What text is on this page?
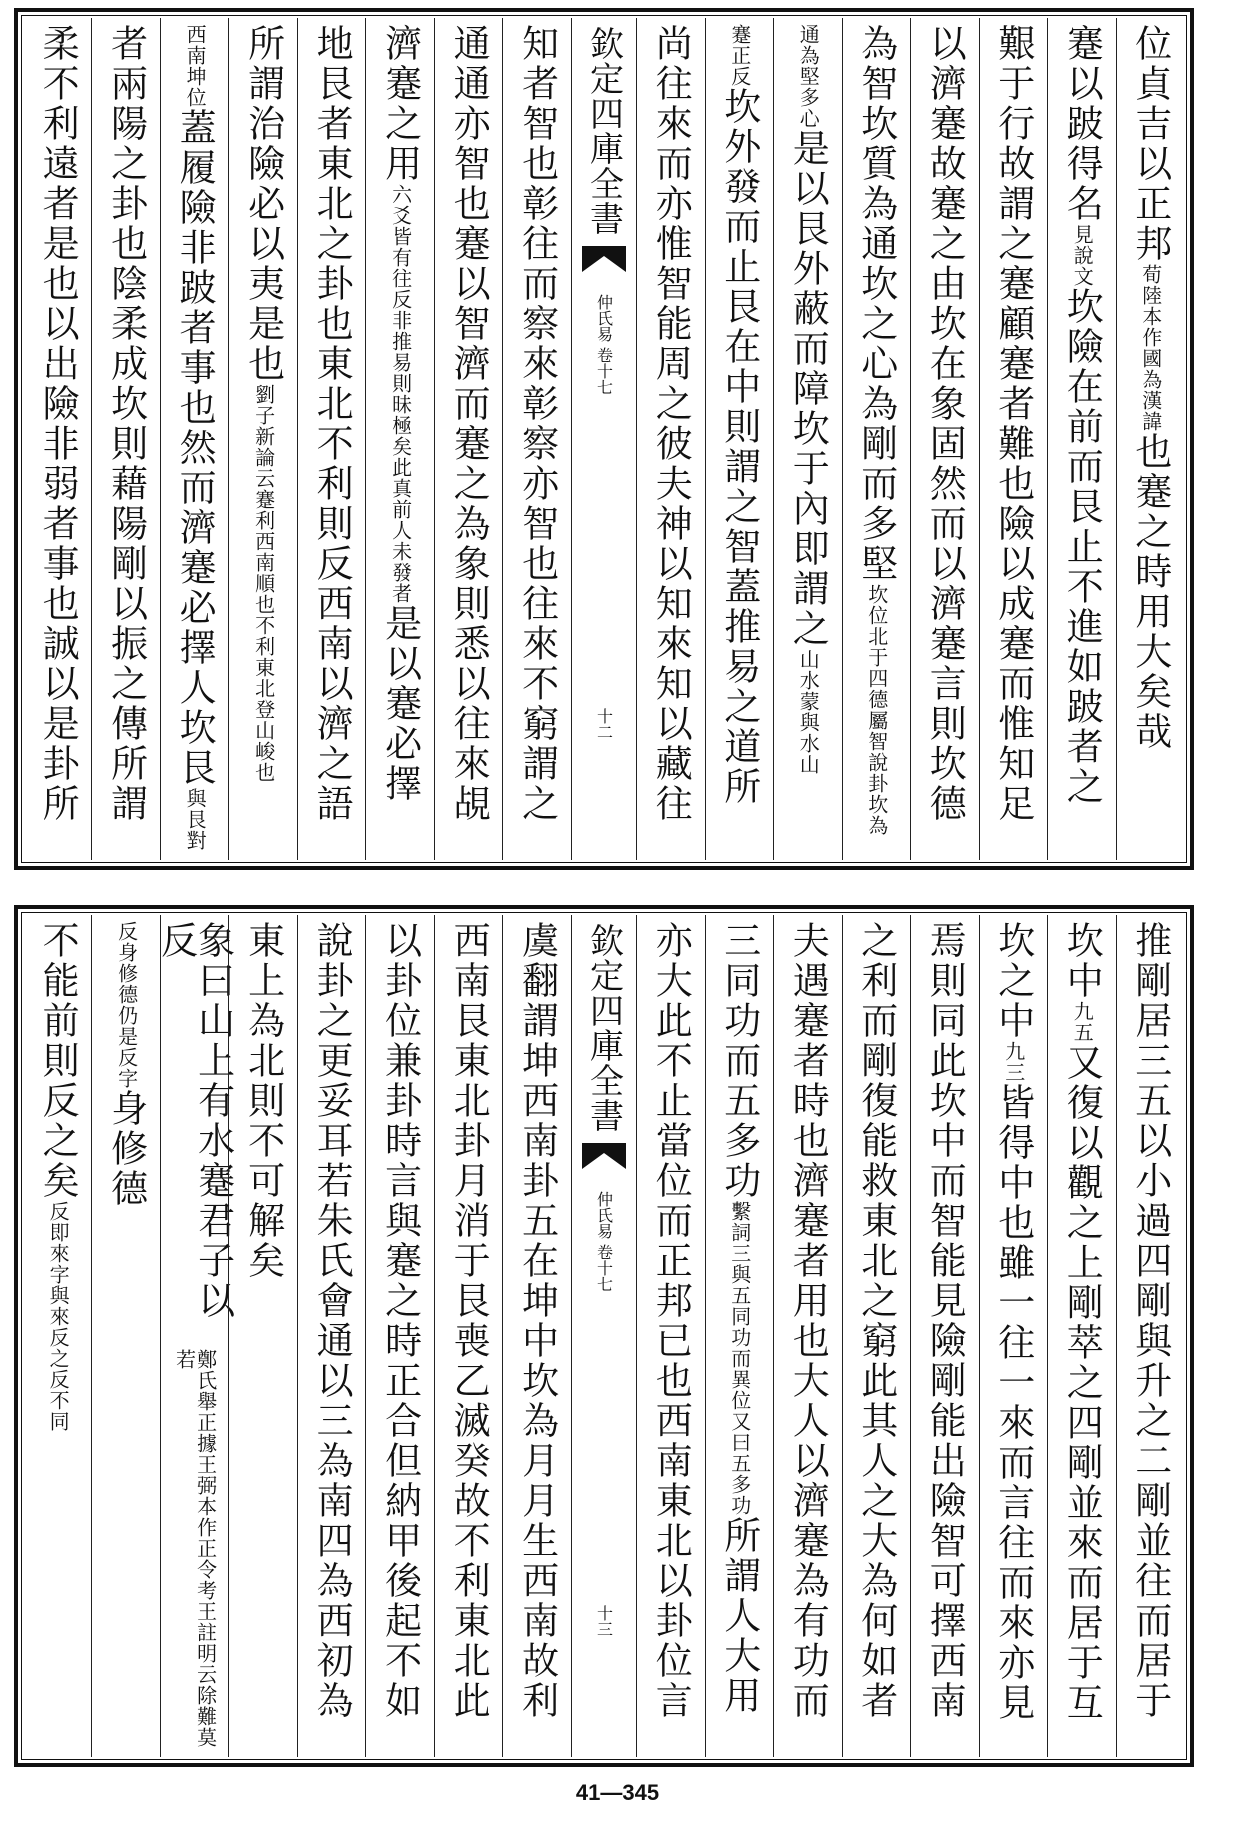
位貞吉以正邦
荀陸本作國為漢諱
也蹇之時用大矣哉
蹇以跛得名
見說文
坎險在前而艮止不進如跛者之
艱于行故謂之蹇顧蹇者難也險以成蹇而惟知足
以濟蹇故蹇之由坎在象固然而以濟蹇言則坎德
為智坎質為通坎之心為剛而多堅
坎位北于四德屬智說卦坎為
通為堅多心
是以艮外蔽而障坎于內即謂之
山水蒙與水山
蹇正反
坎外發而止艮在中則謂之智蓋推易之道所
尚往來而亦惟智能周之彼夫神以知來知以藏往
欽定四庫全書
仲氏易 卷十七
十二
知者智也彰往而察來彰察亦智也往來不窮謂之
通通亦智也蹇以智濟而蹇之為象則悉以往來覘
濟蹇之用
六爻皆有往反非推易則昧極矣此真前人未發者
是以蹇必擇
地艮者東北之卦也東北不利則反西南以濟之語
所謂治險必以夷是也
劉子新論云蹇利西南順也不利東北登山峻也
西南坤位
蓋履險非跛者事也然而濟蹇必擇人坎艮
與艮對
者兩陽之卦也陰柔成坎則藉陽剛以振之傳所謂
柔不利遠者是也以出險非弱者事也誠以是卦所
推剛居三五以小過四剛與升之二剛並往而居于
坎中
九五
又復以觀之上剛萃之四剛並來而居于互
坎之中
九三
皆得中也雖一往一來而言往而來亦見
焉則同此坎中而智能見險剛能出險智可擇西南
之利而剛復能救東北之窮此其人之大為何如者
夫遇蹇者時也濟蹇者用也大人以濟蹇為有功而
三同功而五多功
繫詞三與五同功而異位又曰五多功
所謂人大用
亦大此不止當位而正邦已也西南東北以卦位言
欽定四庫全書
仲氏易 卷十七
十三
虞翻謂坤西南卦五在坤中坎為月月生西南故利
西南艮東北卦月消于艮喪乙滅癸故不利東北此
以卦位兼卦時言與蹇之時正合但納甲後起不如
說卦之更妥耳若朱氏會通以三為南四為西初為
東上為北則不可解矣
象曰山上有水蹇君子以反
鄭氏舉正據王弼本作正令考王註明云除難莫若
反身修德仍是反字
身修德
不能前則反之矣
反即來字與來反之反不同
41—345
